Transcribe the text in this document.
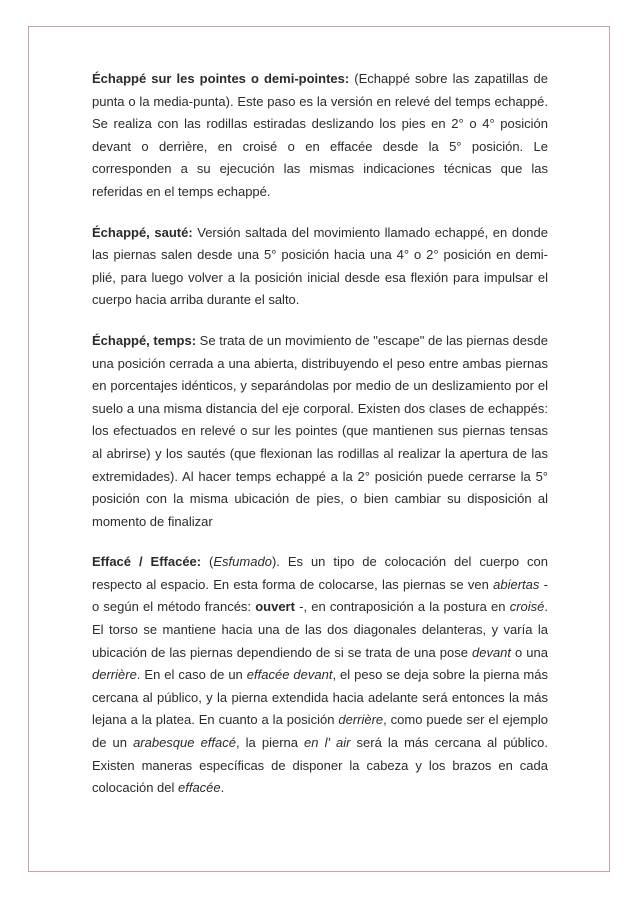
Échappé sur les pointes o demi-pointes: (Echappé sobre las zapatillas de punta o la media-punta). Este paso es la versión en relevé del temps echappé. Se realiza con las rodillas estiradas deslizando los pies en 2° o 4° posición devant o derrière, en croisé o en effacée desde la 5° posición. Le corresponden a su ejecución las mismas indicaciones técnicas que las referidas en el temps echappé.

Échappé, sauté: Versión saltada del movimiento llamado echappé, en donde las piernas salen desde una 5° posición hacia una 4° o 2° posición en demi-plié, para luego volver a la posición inicial desde esa flexión para impulsar el cuerpo hacia arriba durante el salto.

Échappé, temps: Se trata de un movimiento de "escape" de las piernas desde una posición cerrada a una abierta, distribuyendo el peso entre ambas piernas en porcentajes idénticos, y separándolas por medio de un deslizamiento por el suelo a una misma distancia del eje corporal. Existen dos clases de echappés: los efectuados en relevé o sur les pointes (que mantienen sus piernas tensas al abrirse) y los sautés (que flexionan las rodillas al realizar la apertura de las extremidades). Al hacer temps echappé a la 2° posición puede cerrarse la 5° posición con la misma ubicación de pies, o bien cambiar su disposición al momento de finalizar

Effacé / Effacée: (Esfumado). Es un tipo de colocación del cuerpo con respecto al espacio. En esta forma de colocarse, las piernas se ven abiertas - o según el método francés: ouvert -, en contraposición a la postura en croisé. El torso se mantiene hacia una de las dos diagonales delanteras, y varía la ubicación de las piernas dependiendo de si se trata de una pose devant o una derrière. En el caso de un effacée devant, el peso se deja sobre la pierna más cercana al público, y la pierna extendida hacia adelante será entonces la más lejana a la platea. En cuanto a la posición derrière, como puede ser el ejemplo de un arabesque effacé, la pierna en l' air será la más cercana al público. Existen maneras específicas de disponer la cabeza y los brazos en cada colocación del effacée.
